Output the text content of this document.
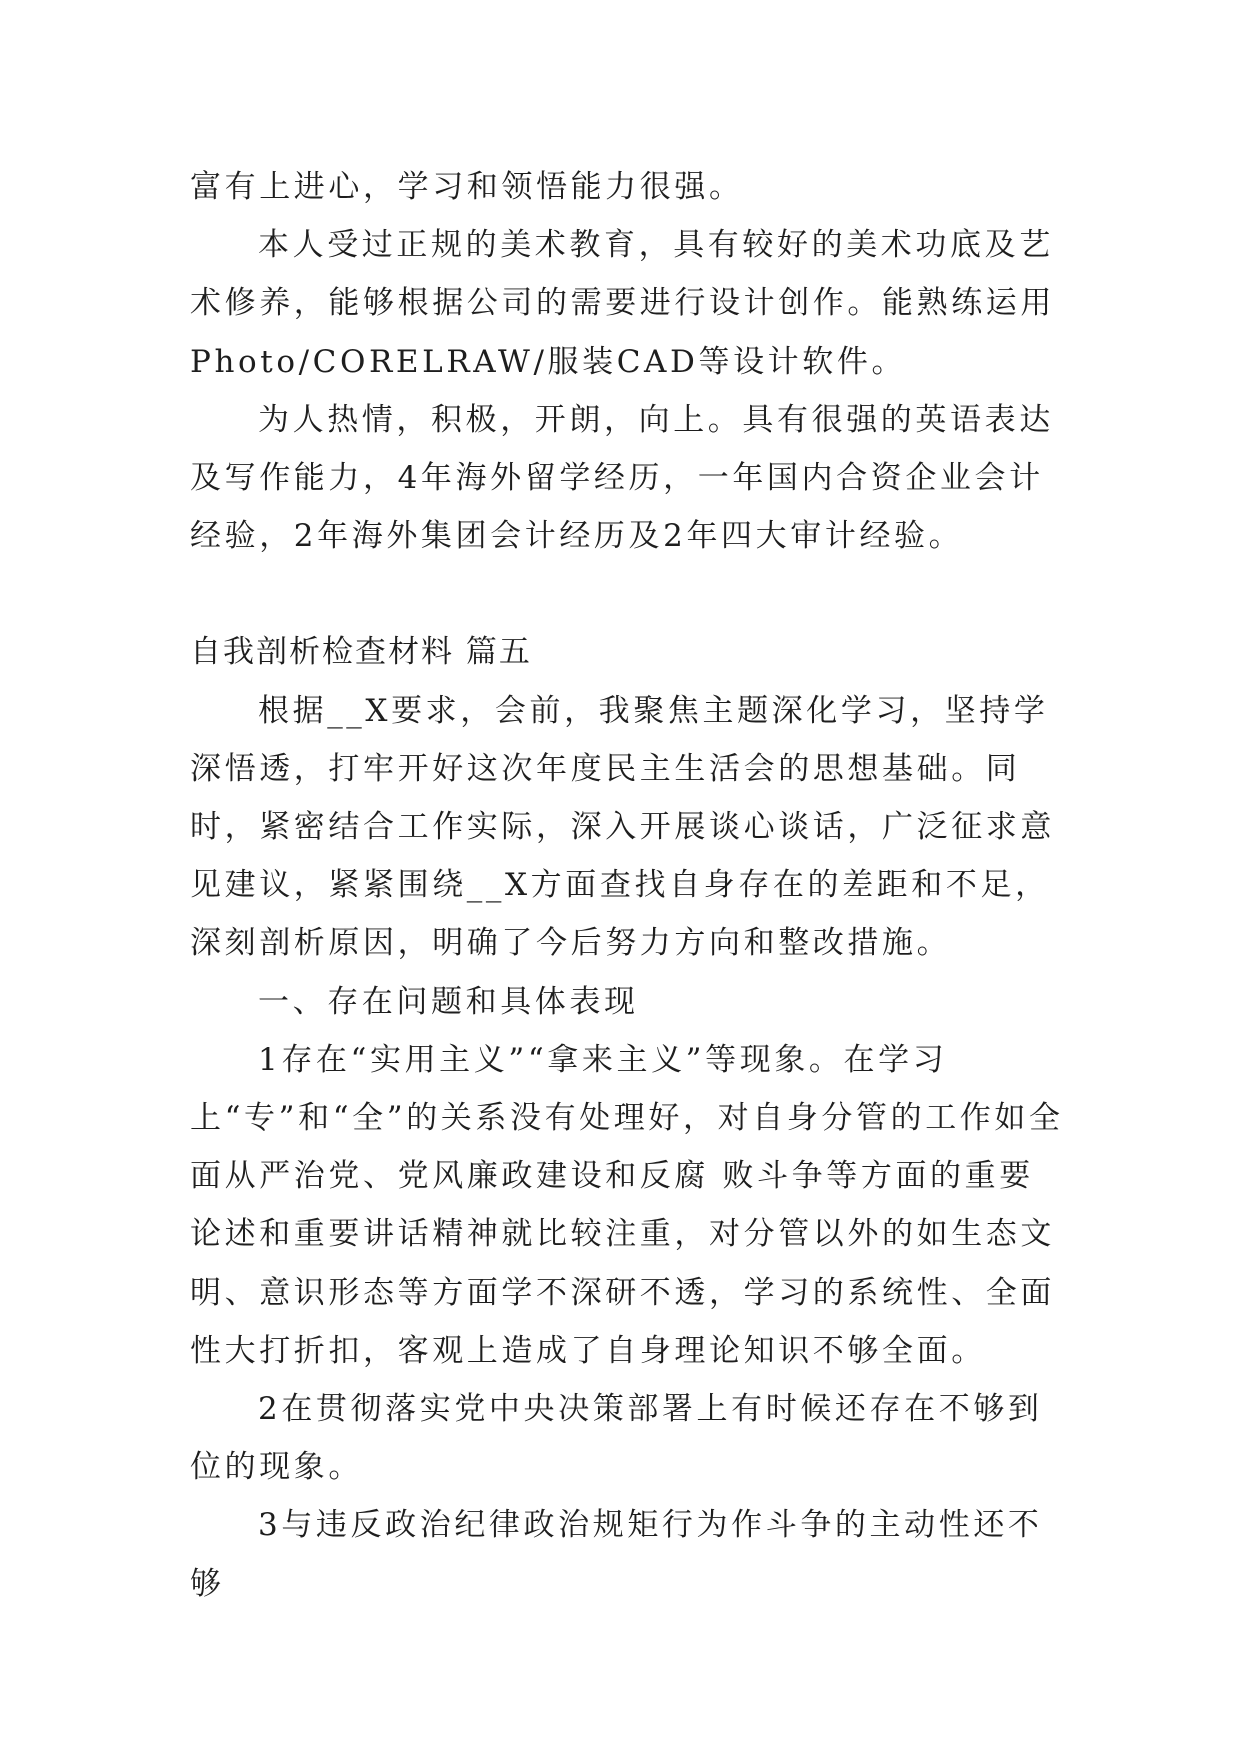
富有上进心，学习和领悟能力很强。

本人受过正规的美术教育，具有较好的美术功底及艺术修养，能够根据公司的需要进行设计创作。能熟练运用Photo/CORELRAW/服装CAD等设计软件。

为人热情，积极，开朗，向上。具有很强的英语表达及写作能力，4年海外留学经历，一年国内合资企业会计经验，2年海外集团会计经历及2年四大审计经验。

自我剖析检查材料 篇五

根据__X要求，会前，我聚焦主题深化学习，坚持学深悟透，打牢开好这次年度民主生活会的思想基础。同时，紧密结合工作实际，深入开展谈心谈话，广泛征求意见建议，紧紧围绕__X方面查找自身存在的差距和不足，深刻剖析原因，明确了今后努力方向和整改措施。

一、存在问题和具体表现

1存在“实用主义”“拿来主义”等现象。在学习上“专”和“全”的关系没有处理好，对自身分管的工作如全面从严治党、党风廉政建设和反腐 败斗争等方面的重要论述和重要讲话精神就比较注重，对分管以外的如生态文明、意识形态等方面学不深研不透，学习的系统性、全面性大打折扣，客观上造成了自身理论知识不够全面。

2在贯彻落实党中央决策部署上有时候还存在不够到位的现象。

3与违反政治纪律政治规矩行为作斗争的主动性还不够
